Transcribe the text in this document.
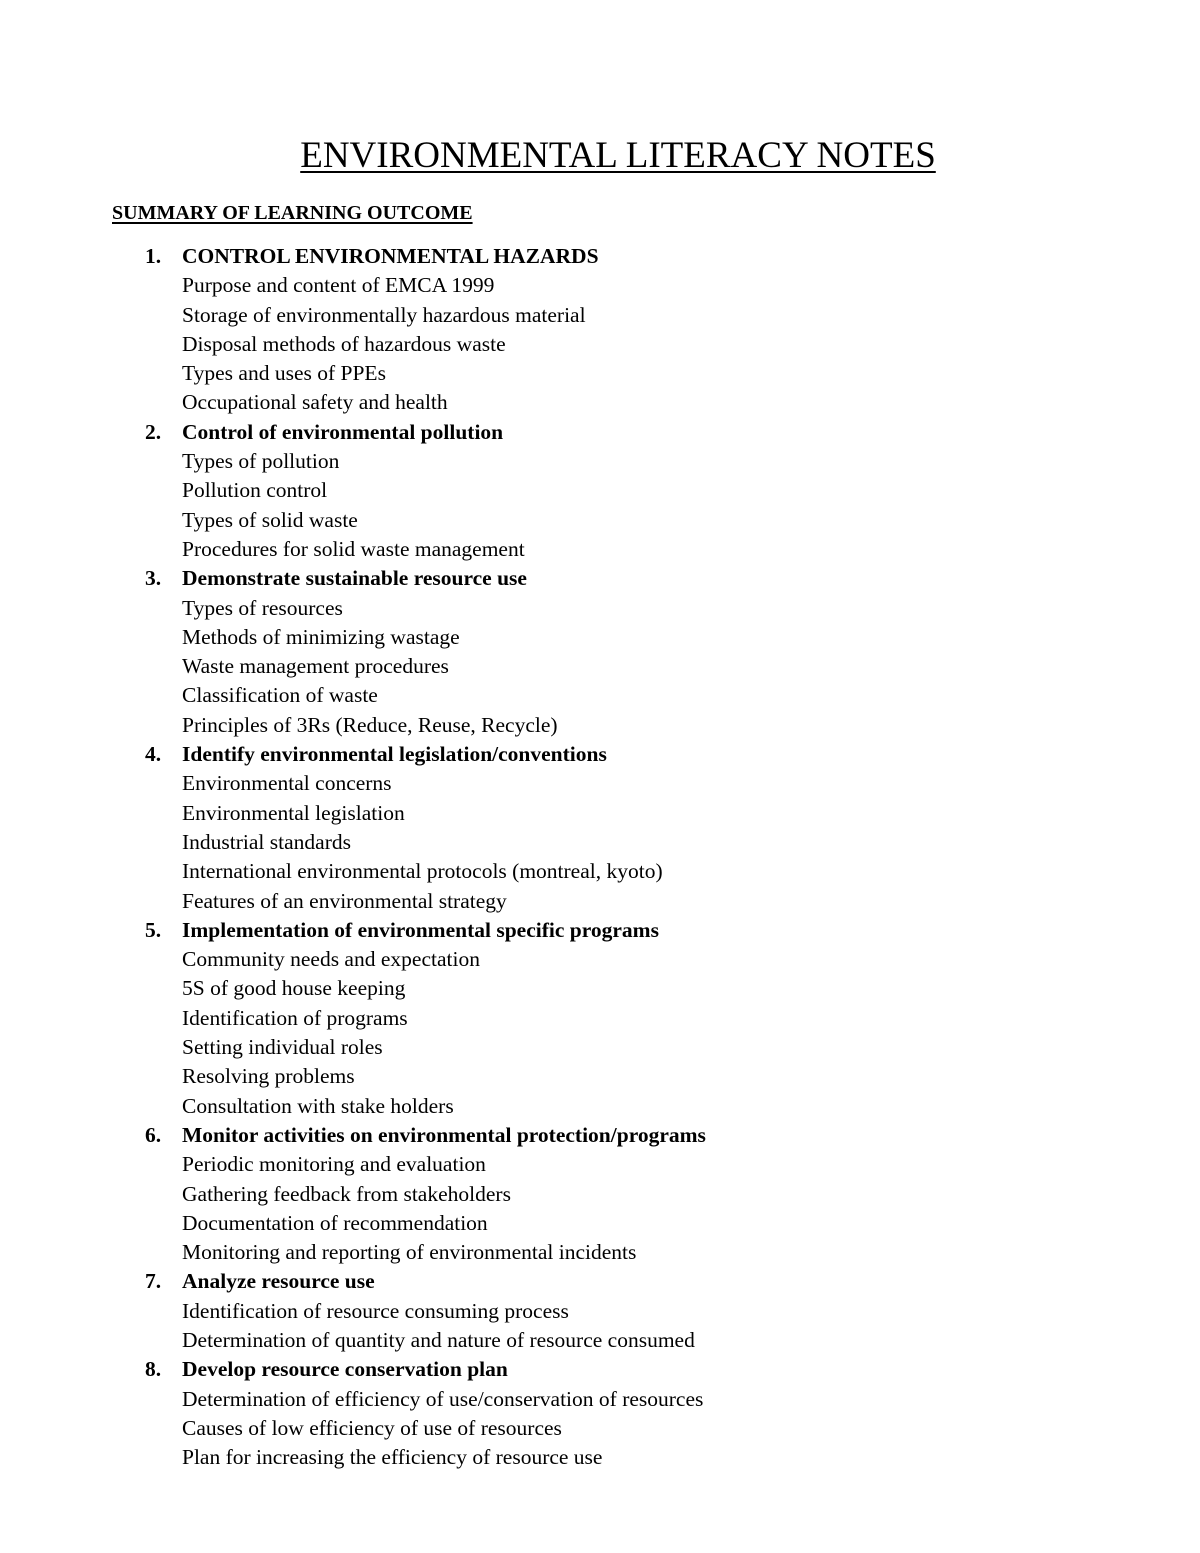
ENVIRONMENTAL LITERACY NOTES
SUMMARY OF LEARNING OUTCOME
1. CONTROL ENVIRONMENTAL HAZARDS
Purpose and content of EMCA 1999
Storage of environmentally hazardous material
Disposal methods of hazardous waste
Types and uses of PPEs
Occupational safety and health
2. Control of environmental pollution
Types of pollution
Pollution control
Types of solid waste
Procedures for solid waste management
3. Demonstrate sustainable resource use
Types of resources
Methods of minimizing wastage
Waste management procedures
Classification of waste
Principles of 3Rs (Reduce, Reuse, Recycle)
4. Identify environmental legislation/conventions
Environmental concerns
Environmental legislation
Industrial standards
International environmental protocols (montreal, kyoto)
Features of an environmental strategy
5. Implementation of environmental specific programs
Community needs and expectation
5S of good house keeping
Identification of programs
Setting individual roles
Resolving problems
Consultation with stake holders
6. Monitor activities on environmental protection/programs
Periodic monitoring and evaluation
Gathering feedback from stakeholders
Documentation of recommendation
Monitoring and reporting of environmental incidents
7. Analyze resource use
Identification of resource consuming process
Determination of quantity and nature of resource consumed
8. Develop resource conservation plan
Determination of efficiency of use/conservation of resources
Causes of low efficiency of use of resources
Plan for increasing the efficiency of resource use
